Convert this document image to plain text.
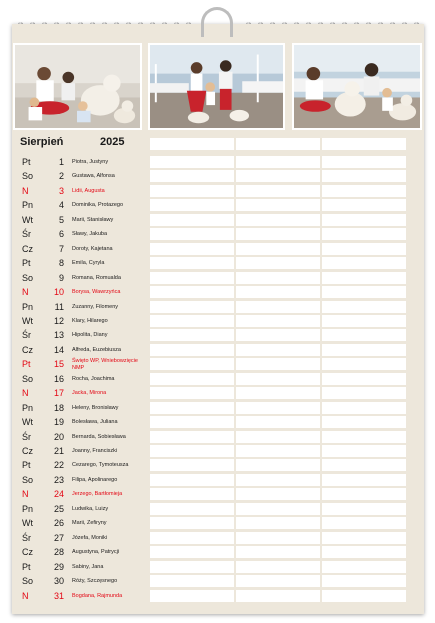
Sierpień	2025
Pt	1 Piotra, Justyny
So	2 Gustawa, Alfonsa
N	3 Lidii, Augusta
Pn	4 Dominika, Protazego
Wt	5 Marii, Stanisławy
Śr	6 Sławy, Jakuba
Cz	7 Doroty, Kajetana
Pt	8 Emila, Cyryla
So	9 Romana, Romualda
N	10 Borysa, Wawrzyńca
Pn	11 Zuzanny, Filomeny
Wt	12 Klary, Hilarego
Śr	13 Hipolita, Diany
Cz	14 Alfreda, Euzebiusza
Pt	15 Święto WP, Wniebowzięcie NMP
So	16 Rocha, Joachima
N	17 Jacka, Mirona
Pn	18 Heleny, Bronisławy
Wt	19 Bolesława, Juliana
Śr	20 Bernarda, Sobiesława
Cz	21 Joanny, Franciszki
Pt	22 Cezarego, Tymoteusza
So	23 Filipa, Apolinarego
N	24 Jerzego, Bartłomieja
Pn	25 Ludwika, Luizy
Wt	26 Marii, Zefiryny
Śr	27 Józefa, Moniki
Cz	28 Augustyna, Patrycji
Pt	29 Sabiny, Jana
So	30 Róży, Szczęsnego
N	31 Bogdana, Rajmunda
